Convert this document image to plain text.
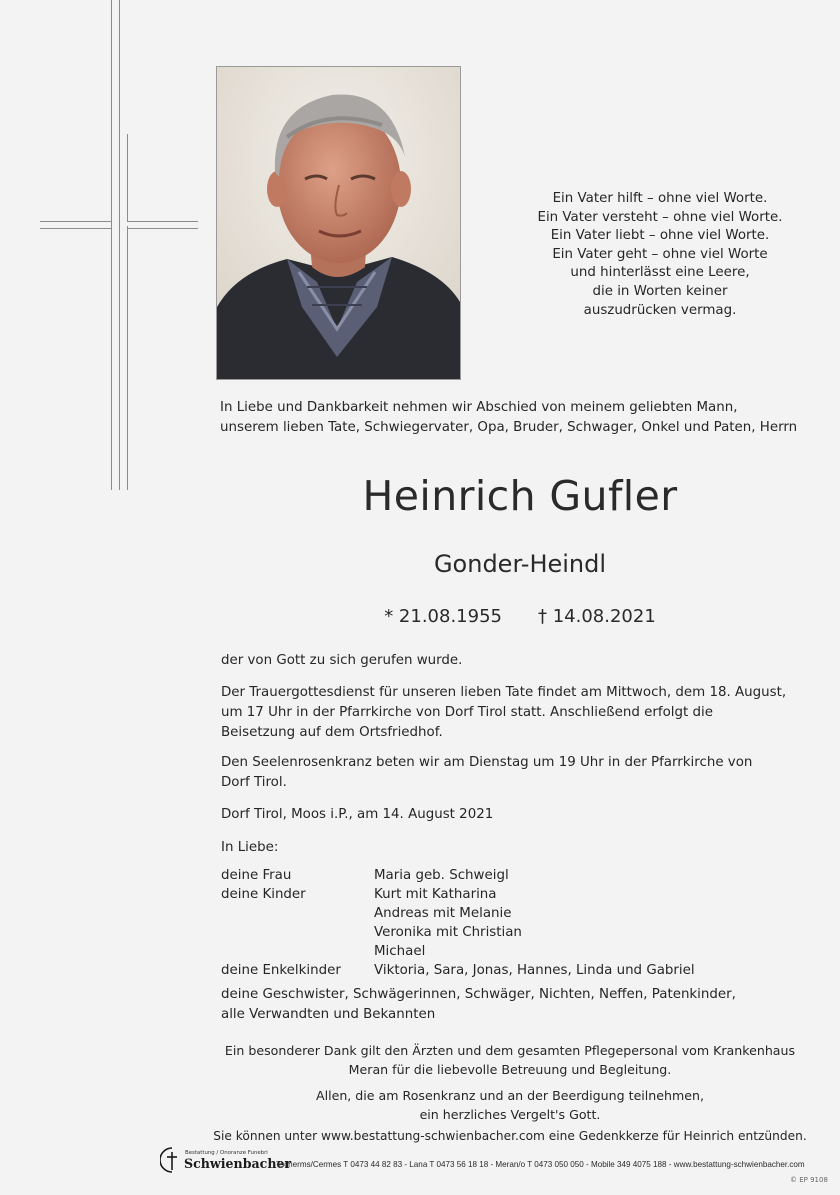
Ein Vater hilft – ohne viel Worte.
Ein Vater versteht – ohne viel Worte.
Ein Vater liebt – ohne viel Worte.
Ein Vater geht – ohne viel Worte
und hinterlässt eine Leere,
die in Worten keiner
auszudrücken vermag.
In Liebe und Dankbarkeit nehmen wir Abschied von meinem geliebten Mann,
unserem lieben Tate, Schwiegervater, Opa, Bruder, Schwager, Onkel und Paten, Herrn
Heinrich Gufler
Gonder-Heindl
* 21.08.1955 † 14.08.2021
der von Gott zu sich gerufen wurde.
Der Trauergottesdienst für unseren lieben Tate findet am Mittwoch, dem 18. August,
um 17 Uhr in der Pfarrkirche von Dorf Tirol statt. Anschließend erfolgt die
Beisetzung auf dem Ortsfriedhof.
Den Seelenrosenkranz beten wir am Dienstag um 19 Uhr in der Pfarrkirche von
Dorf Tirol.
Dorf Tirol, Moos i.P., am 14. August 2021
In Liebe:
deine Frau	Maria geb. Schweigl
deine Kinder	Kurt mit Katharina
Andreas mit Melanie
Veronika mit Christian
Michael
deine Enkelkinder	Viktoria, Sara, Jonas, Hannes, Linda und Gabriel
deine Geschwister, Schwägerinnen, Schwäger, Nichten, Neffen, Patenkinder,
alle Verwandten und Bekannten
Ein besonderer Dank gilt den Ärzten und dem gesamten Pflegepersonal vom Krankenhaus
Meran für die liebevolle Betreuung und Begleitung.
Allen, die am Rosenkranz und an der Beerdigung teilnehmen,
ein herzliches Vergelt's Gott.
Sie können unter www.bestattung-schwienbacher.com eine Gedenkkerze für Heinrich entzünden.
Bestattung / Onoranze Funebri
Schwienbacher
Tscherms/Cermes T 0473 44 82 83 - Lana T 0473 56 18 18 - Meran/o T 0473 050 050 - Mobile 349 4075 188 - www.bestattung-schwienbacher.com
© EP 9108
